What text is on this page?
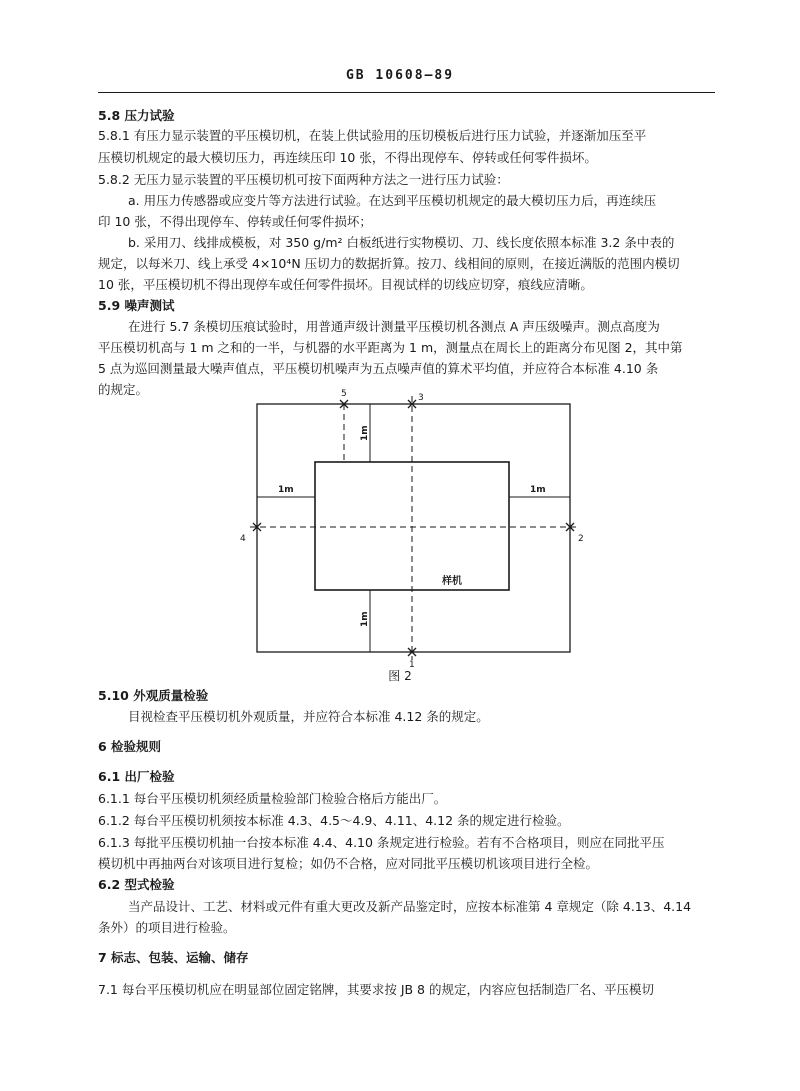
GB 10608—89
5.8 压力试验
5.8.1 有压力显示装置的平压模切机，在装上供试验用的压切模板后进行压力试验，并逐渐加压至平
压模切机规定的最大模切压力，再连续压印 10 张，不得出现停车、停转或任何零件损坏。
5.8.2 无压力显示装置的平压模切机可按下面两种方法之一进行压力试验：
a. 用压力传感器或应变片等方法进行试验。在达到平压模切机规定的最大模切压力后，再连续压
印 10 张，不得出现停车、停转或任何零件损坏；
b. 采用刀、线排成模板，对 350 g/m² 白板纸进行实物模切、刀、线长度依照本标准 3.2 条中表的
规定，以每米刀、线上承受 4×10⁴N 压切力的数据折算。按刀、线相间的原则，在接近满版的范围内模切
10 张，平压模切机不得出现停车或任何零件损坏。目视试样的切线应切穿，痕线应清晰。
5.9 噪声测试
在进行 5.7 条模切压痕试验时，用普通声级计测量平压模切机各测点 A 声压级噪声。测点高度为
平压模切机高与 1 m 之和的一半，与机器的水平距离为 1 m，测量点在周长上的距离分布见图 2，其中第
5 点为巡回测量最大噪声值点，平压模切机噪声为五点噪声值的算术平均值，并应符合本标准 4.10 条
的规定。	5	3
1
4	2
1m
1m
1m	1m
样机
图 2
5.10 外观质量检验
目视检查平压模切机外观质量，并应符合本标准 4.12 条的规定。
6 检验规则
6.1 出厂检验
6.1.1 每台平压模切机须经质量检验部门检验合格后方能出厂。
6.1.2 每台平压模切机须按本标准 4.3、4.5～4.9、4.11、4.12 条的规定进行检验。
6.1.3 每批平压模切机抽一台按本标准 4.4、4.10 条规定进行检验。若有不合格项目，则应在同批平压
模切机中再抽两台对该项目进行复检；如仍不合格，应对同批平压模切机该项目进行全检。
6.2 型式检验
当产品设计、工艺、材料或元件有重大更改及新产品鉴定时，应按本标准第 4 章规定（除 4.13、4.14
条外）的项目进行检验。
7 标志、包装、运输、储存
7.1 每台平压模切机应在明显部位固定铭牌，其要求按 JB 8 的规定，内容应包括制造厂名、平压模切
